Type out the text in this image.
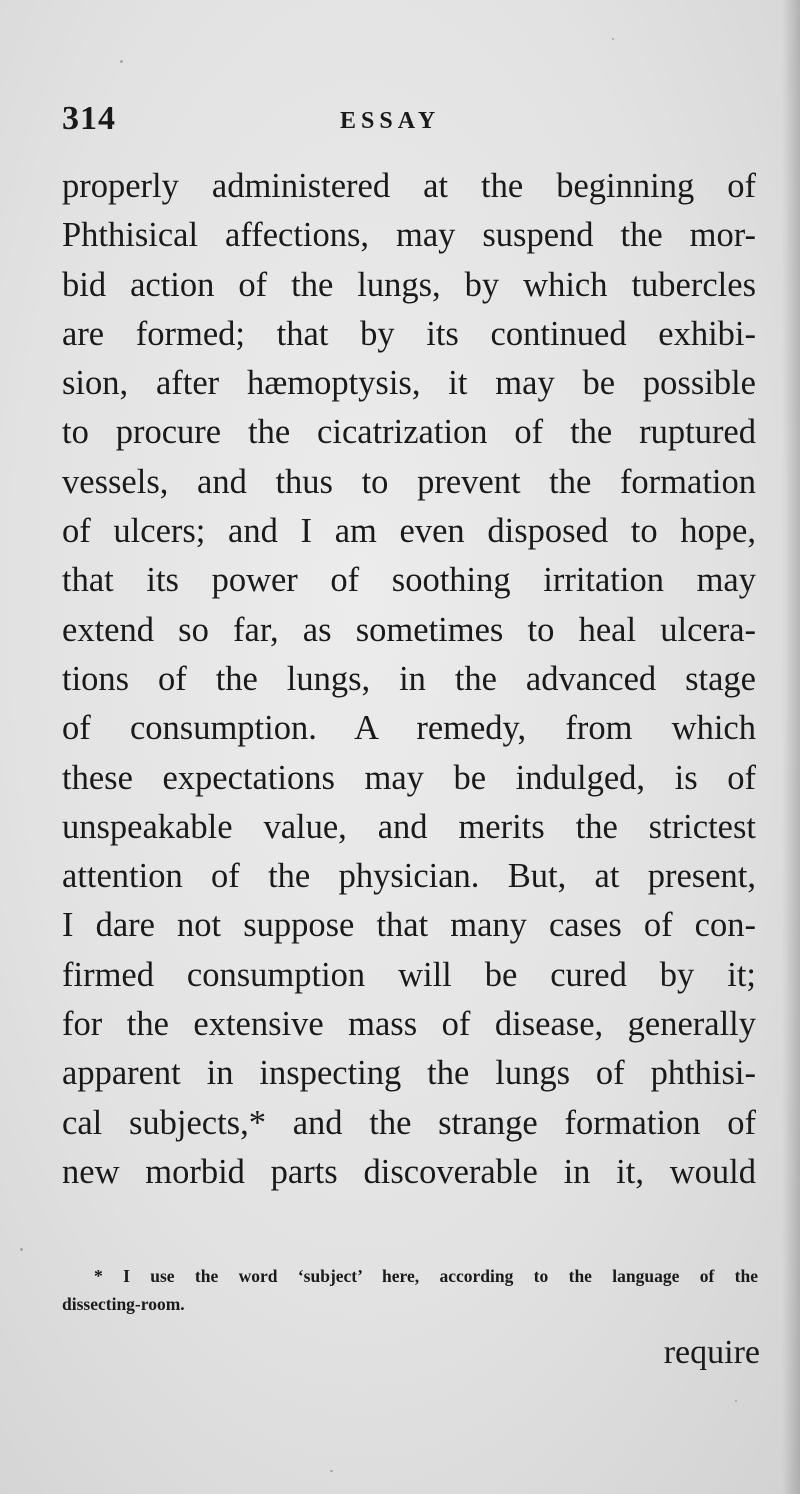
314	ESSAY
properly administered at the beginning of
Phthisical affections, may suspend the mor-
bid action of the lungs, by which tubercles
are formed; that by its continued exhibi-
sion, after hæmoptysis, it may be possible
to procure the cicatrization of the ruptured
vessels, and thus to prevent the formation
of ulcers; and I am even disposed to hope,
that its power of soothing irritation may
extend so far, as sometimes to heal ulcera-
tions of the lungs, in the advanced stage
of consumption. A remedy, from which
these expectations may be indulged, is of
unspeakable value, and merits the strictest
attention of the physician. But, at present,
I dare not suppose that many cases of con-
firmed consumption will be cured by it;
for the extensive mass of disease, generally
apparent in inspecting the lungs of phthisi-
cal subjects,* and the strange formation of
new morbid parts discoverable in it, would
* I use the word ‘subject’ here, according to the language of the
dissecting-room.
require
